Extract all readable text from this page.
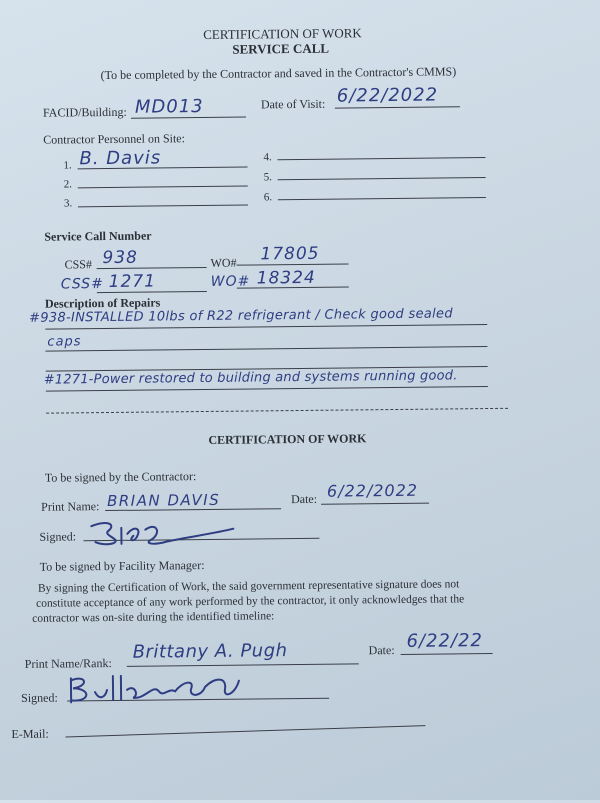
CERTIFICATION OF WORK
SERVICE CALL
(To be completed by the Contractor and saved in the Contractor's CMMS)
FACID/Building: MD013	Date of Visit: 6/22/2022
Contractor Personnel on Site:
1. B. Davis
2.
3.
4.
5.
6.
Service Call Number
CSS# 938	WO# 17805
CSS# 1271	WO# 18324
Description of Repairs
#938-INSTALLED 10lbs of R22 refrigerant / Check good sealed
caps
#1271-Power restored to building and systems running good.
CERTIFICATION OF WORK
To be signed by the Contractor:
Print Name: BRIAN DAVIS	Date: 6/22/2022
Signed:
To be signed by Facility Manager:
By signing the Certification of Work, the said government representative signature does not
constitute acceptance of any work performed by the contractor, it only acknowledges that the
contractor was on-site during the identified timeline:
Print Name/Rank:
Brittany A. Pugh	Date: 6/22/22
Signed:
E-Mail:
